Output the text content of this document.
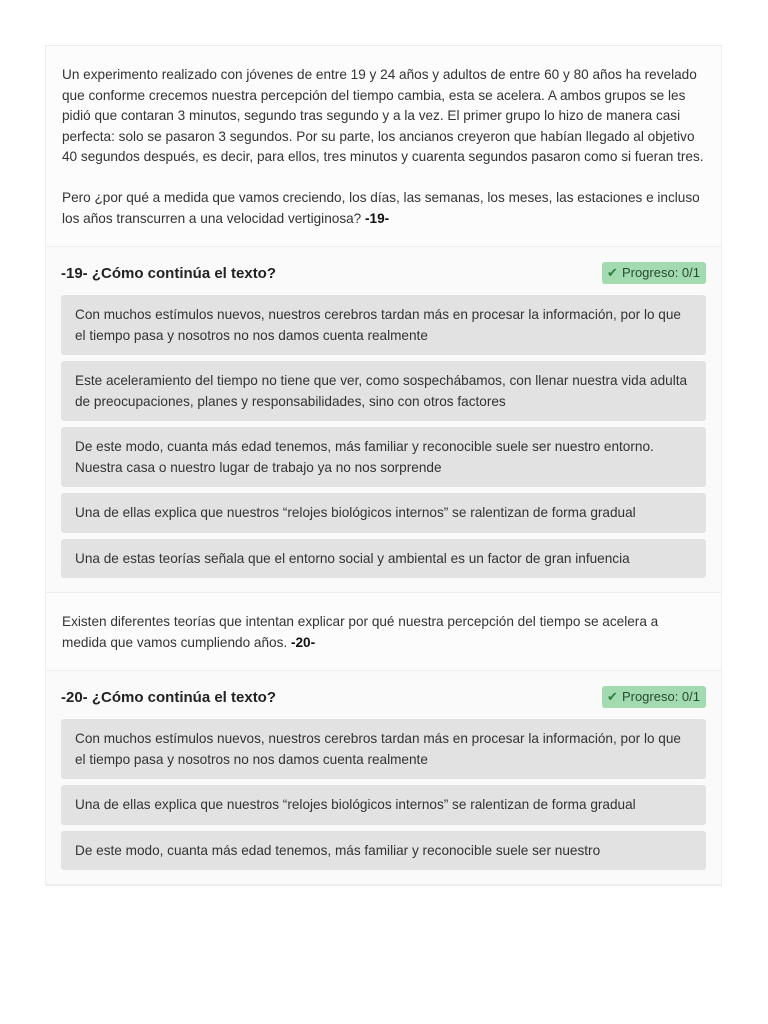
Un experimento realizado con jóvenes de entre 19 y 24 años y adultos de entre 60 y 80 años ha revelado que conforme crecemos nuestra percepción del tiempo cambia, esta se acelera. A ambos grupos se les pidió que contaran 3 minutos, segundo tras segundo y a la vez. El primer grupo lo hizo de manera casi perfecta: solo se pasaron 3 segundos. Por su parte, los ancianos creyeron que habían llegado al objetivo 40 segundos después, es decir, para ellos, tres minutos y cuarenta segundos pasaron como si fueran tres.

Pero ¿por qué a medida que vamos creciendo, los días, las semanas, los meses, las estaciones e incluso los años transcurren a una velocidad vertiginosa? -19-

-19- ¿Cómo continúa el texto?	✔ Progreso: 0/1
Con muchos estímulos nuevos, nuestros cerebros tardan más en procesar la información, por lo que el tiempo pasa y nosotros no nos damos cuenta realmente
Este aceleramiento del tiempo no tiene que ver, como sospechábamos, con llenar nuestra vida adulta de preocupaciones, planes y responsabilidades, sino con otros factores
De este modo, cuanta más edad tenemos, más familiar y reconocible suele ser nuestro entorno. Nuestra casa o nuestro lugar de trabajo ya no nos sorprende
Una de ellas explica que nuestros “relojes biológicos internos” se ralentizan de forma gradual
Una de estas teorías señala que el entorno social y ambiental es un factor de gran infuencia

Existen diferentes teorías que intentan explicar por qué nuestra percepción del tiempo se acelera a medida que vamos cumpliendo años. -20-

-20- ¿Cómo continúa el texto?	✔ Progreso: 0/1
Con muchos estímulos nuevos, nuestros cerebros tardan más en procesar la información, por lo que el tiempo pasa y nosotros no nos damos cuenta realmente
Una de ellas explica que nuestros “relojes biológicos internos” se ralentizan de forma gradual
De este modo, cuanta más edad tenemos, más familiar y reconocible suele ser nuestro
